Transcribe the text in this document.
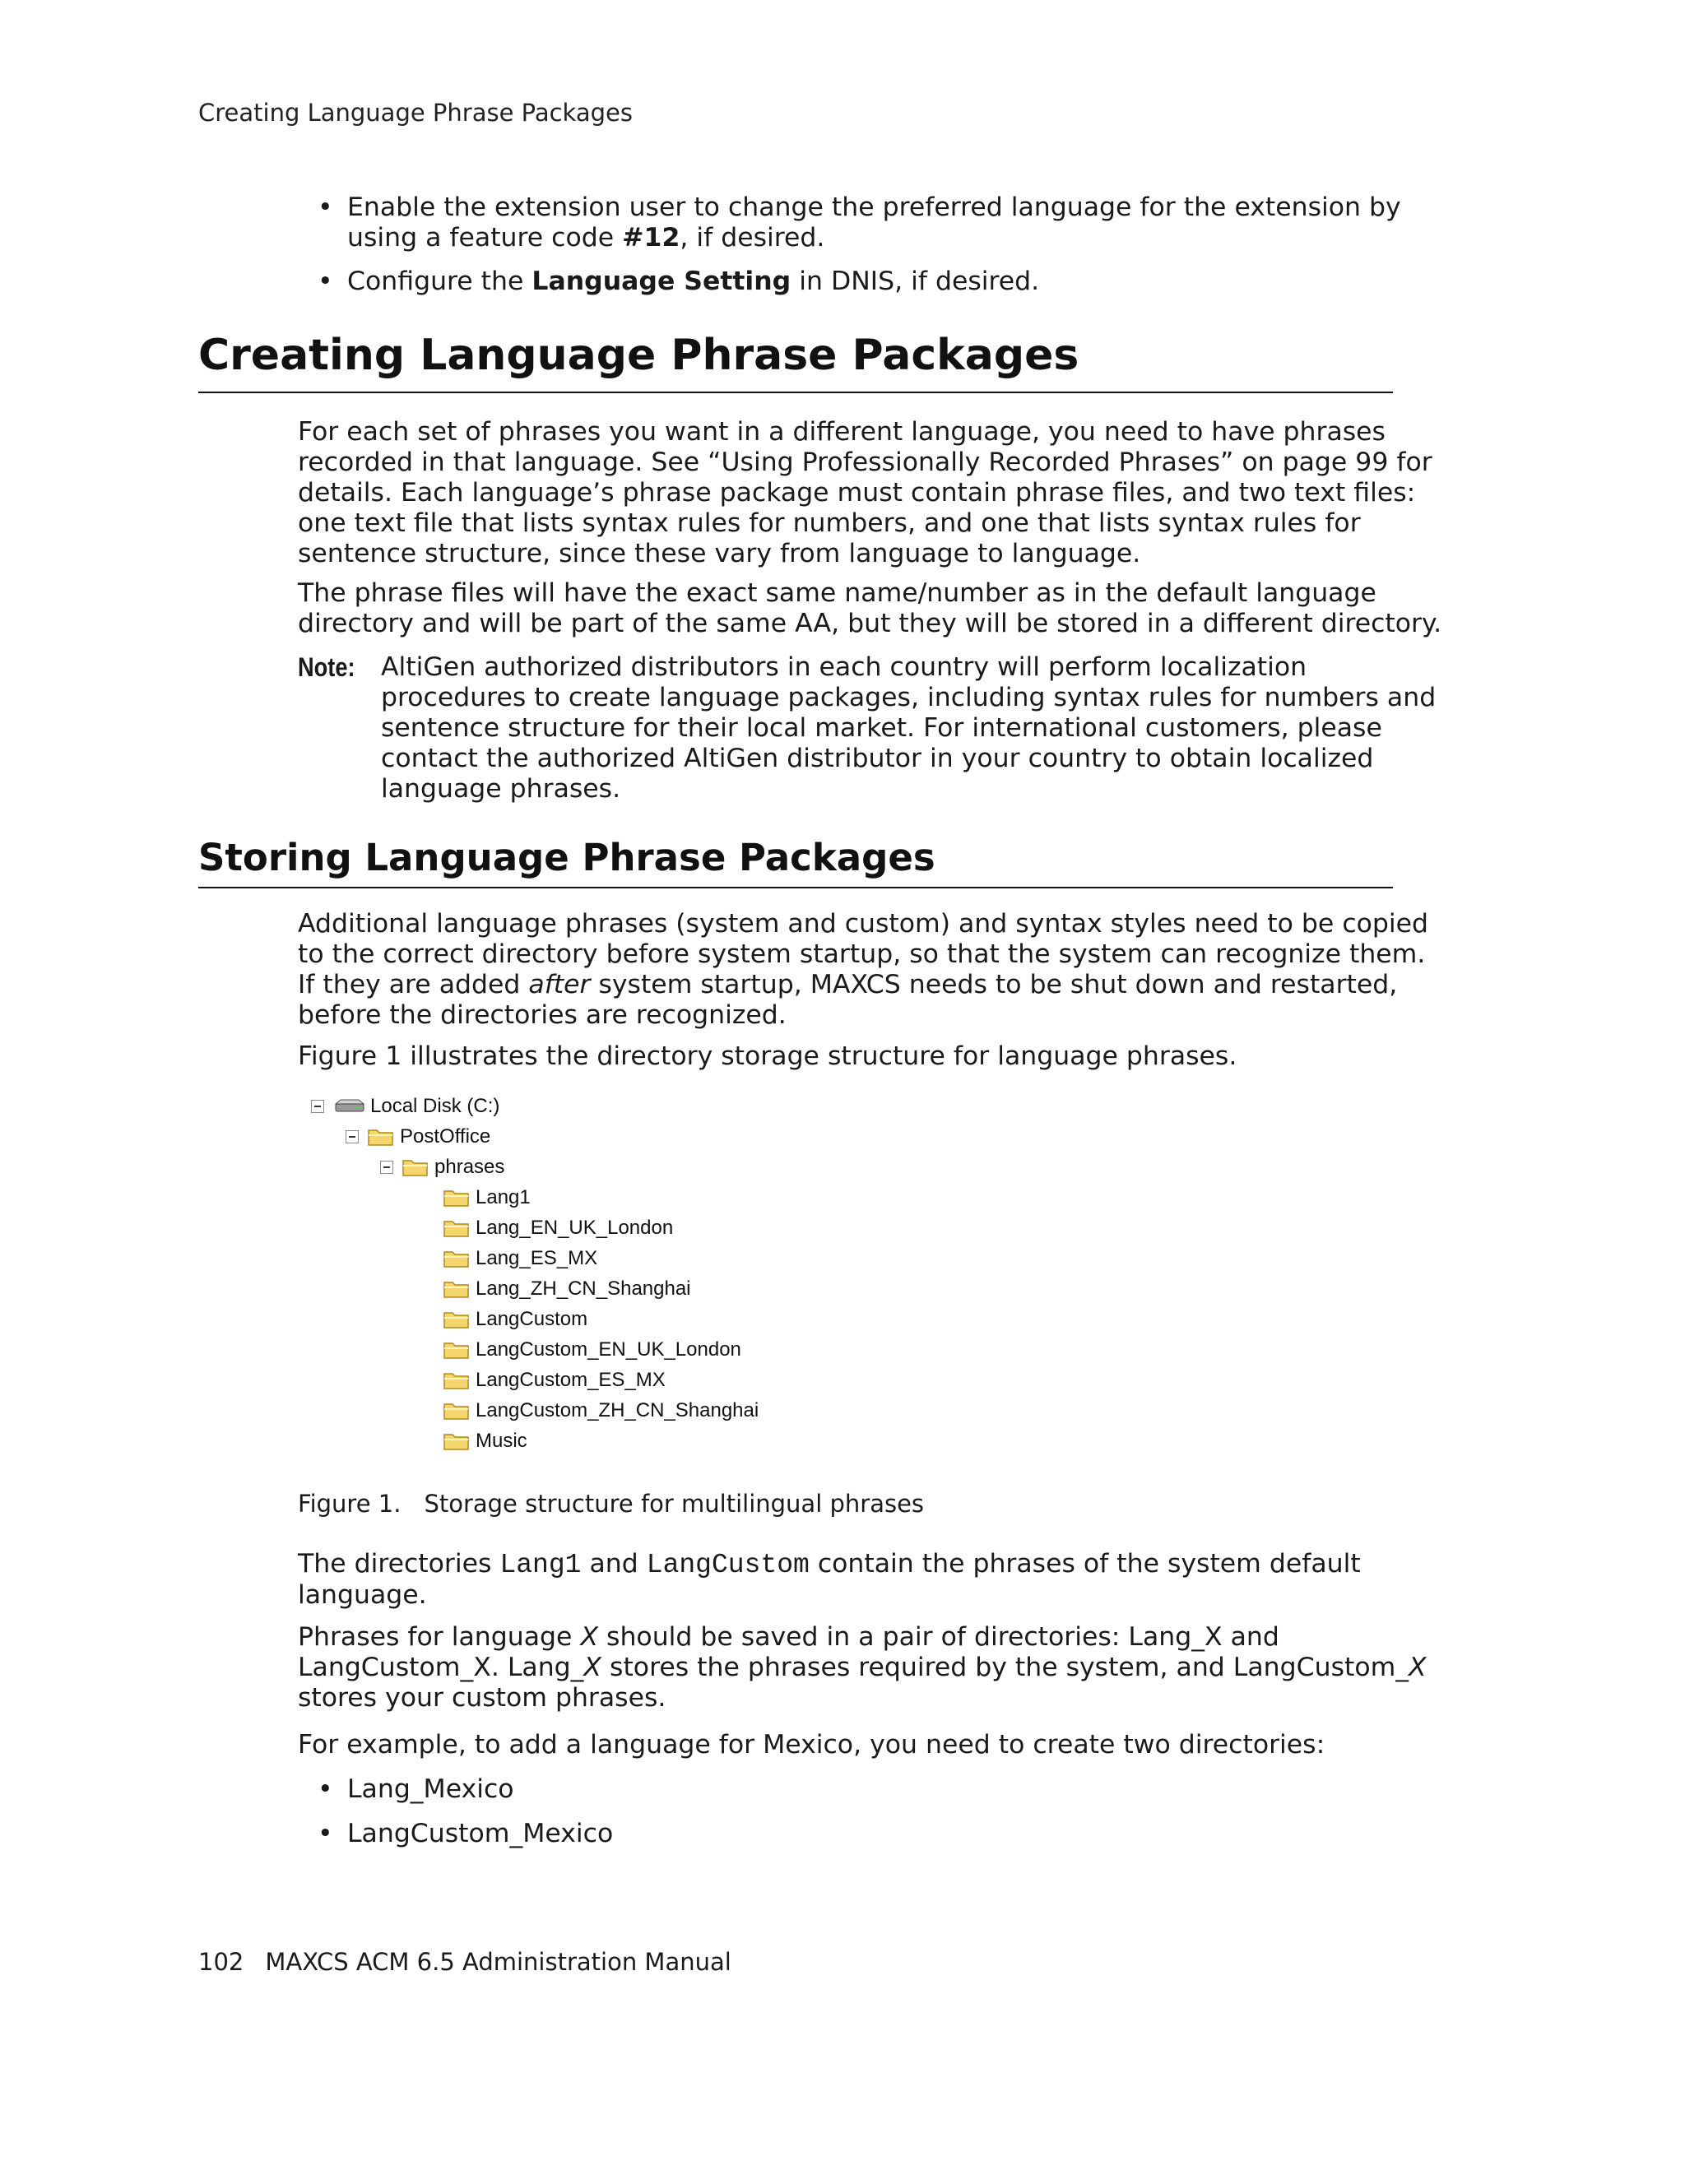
Creating Language Phrase Packages
• Enable the extension user to change the preferred language for the extension by
using a feature code #12, if desired.
• Configure the Language Setting in DNIS, if desired.
Creating Language Phrase Packages
For each set of phrases you want in a different language, you need to have phrases
recorded in that language. See “Using Professionally Recorded Phrases” on page 99 for
details. Each language’s phrase package must contain phrase files, and two text files:
one text file that lists syntax rules for numbers, and one that lists syntax rules for
sentence structure, since these vary from language to language.
The phrase files will have the exact same name/number as in the default language
directory and will be part of the same AA, but they will be stored in a different directory.
Note: AltiGen authorized distributors in each country will perform localization
procedures to create language packages, including syntax rules for numbers and
sentence structure for their local market. For international customers, please
contact the authorized AltiGen distributor in your country to obtain localized
language phrases.
Storing Language Phrase Packages
Additional language phrases (system and custom) and syntax styles need to be copied
to the correct directory before system startup, so that the system can recognize them.
If they are added after system startup, MAXCS needs to be shut down and restarted,
before the directories are recognized.
Figure 1 illustrates the directory storage structure for language phrases.
Local Disk (C:)
PostOffice
phrases
Lang1
Lang_EN_UK_London
Lang_ES_MX
Lang_ZH_CN_Shanghai
LangCustom
LangCustom_EN_UK_London
LangCustom_ES_MX
LangCustom_ZH_CN_Shanghai
Music
Figure 1. Storage structure for multilingual phrases
The directories Lang1 and LangCustom contain the phrases of the system default
language.
Phrases for language X should be saved in a pair of directories: Lang_X and
LangCustom_X. Lang_X stores the phrases required by the system, and LangCustom_X
stores your custom phrases.
For example, to add a language for Mexico, you need to create two directories:
• Lang_Mexico
• LangCustom_Mexico
102 MAXCS ACM 6.5 Administration Manual
